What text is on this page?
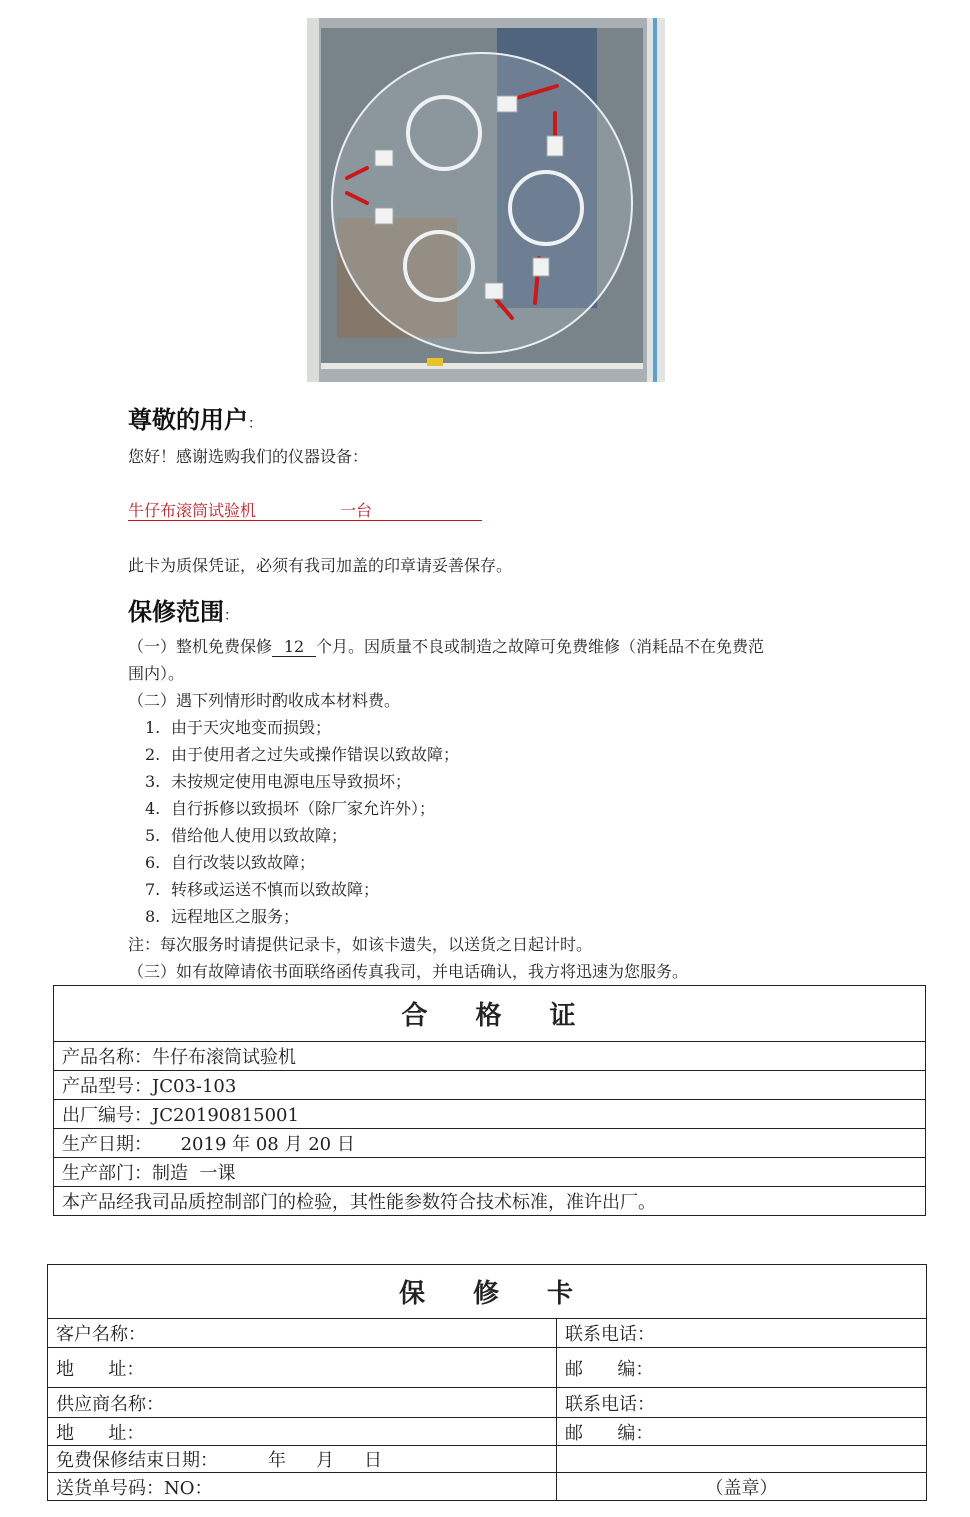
尊敬的用户：
您好！感谢选购我们的仪器设备：
牛仔布滚筒试验机	一台
此卡为质保凭证，必须有我司加盖的印章请妥善保存。
保修范围：
（一）整机免费保修 12 个月。因质量不良或制造之故障可免费维修（消耗品不在免费范
围内）。
（二）遇下列情形时酌收成本材料费。
1. 由于天灾地变而损毁；
2. 由于使用者之过失或操作错误以致故障；
3. 未按规定使用电源电压导致损坏；
4. 自行拆修以致损坏（除厂家允许外）；
5. 借给他人使用以致故障；
6. 自行改装以致故障；
7. 转移或运送不慎而以致故障；
8. 远程地区之服务；
注：每次服务时请提供记录卡，如该卡遗失，以送货之日起计时。
（三）如有故障请依书面联络函传真我司，并电话确认，我方将迅速为您服务。
合 格 证
产品名称：牛仔布滚筒试验机
产品型号：JC03-103
出厂编号：JC20190815001
生产日期：     2019 年 08 月 20 日
生产部门：制造  一课
本产品经我司品质控制部门的检验，其性能参数符合技术标准，准许出厂。
保 修 卡	
客户名称：	联系电话：
地      址：	邮      编：
供应商名称：	联系电话：
地      址：	邮      编：
免费保修结束日期： 年 月 日	
送货单号码：NO：	（盖章）
